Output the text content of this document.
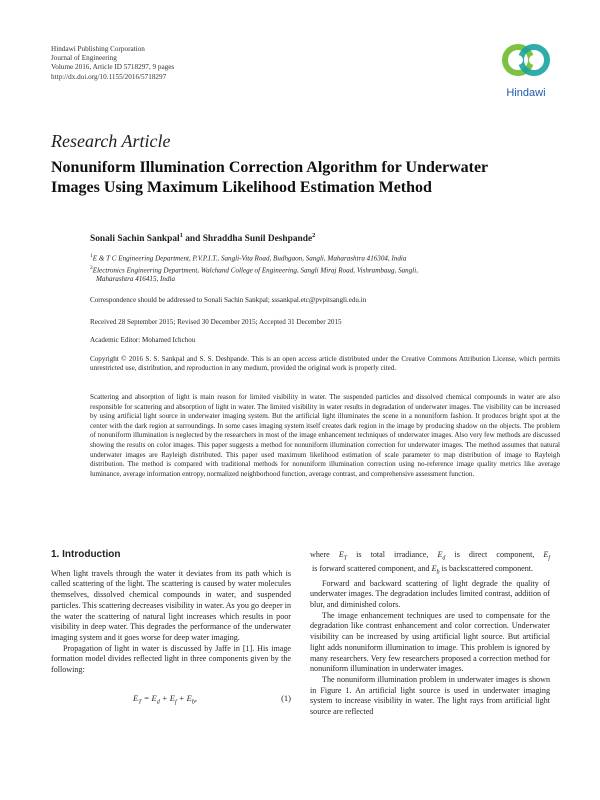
Hindawi Publishing Corporation
Journal of Engineering
Volume 2016, Article ID 5718297, 9 pages
http://dx.doi.org/10.1155/2016/5718297
Hindawi
Research Article
Nonuniform Illumination Correction Algorithm for Underwater
Images Using Maximum Likelihood Estimation Method
Sonali Sachin Sankpal$^1$ and Shraddha Sunil Deshpande$^2$
$^1$E & T C Engineering Department, P.V.P.I.T., Sangli-Vita Road, Budhgaon, Sangli, Maharashtra 416304, India
$^2$Electronics Engineering Department, Walchand College of Engineering, Sangli Miraj Road, Vishrambaug, Sangli,
Maharashtra 416415, India
Correspondence should be addressed to Sonali Sachin Sankpal; sssankpal.etc@pvpitsangli.edu.in
Received 28 September 2015; Revised 30 December 2015; Accepted 31 December 2015
Academic Editor: Mohamed Ichchou
Copyright © 2016 S. S. Sankpal and S. S. Deshpande. This is an open access article distributed under the Creative Commons Attribution License, which permits unrestricted use, distribution, and reproduction in any medium, provided the original work is properly cited.
Scattering and absorption of light is main reason for limited visibility in water. The suspended particles and dissolved chemical compounds in water are also responsible for scattering and absorption of light in water. The limited visibility in water results in degradation of underwater images. The visibility can be increased by using artificial light source in underwater imaging system. But the artificial light illuminates the scene in a nonuniform fashion. It produces bright spot at the center with the dark region at surroundings. In some cases imaging system itself creates dark region in the image by producing shadow on the objects. The problem of nonuniform illumination is neglected by the researchers in most of the image enhancement techniques of underwater images. Also very few methods are discussed showing the results on color images. This paper suggests a method for nonuniform illumination correction for underwater images. The method assumes that natural underwater images are Rayleigh distributed. This paper used maximum likelihood estimation of scale parameter to map distribution of image to Rayleigh distribution. The method is compared with traditional methods for nonuniform illumination correction using no-reference image quality metrics like average luminance, average information entropy, normalized neighborhood function, average contrast, and comprehensive assessment function.
1. Introduction

When light travels through the water it deviates from its path which is called scattering of the light. The scattering is caused by water molecules themselves, dissolved chemical compounds in water, and suspended particles. This scattering decreases visibility in water. As you go deeper in the water the scattering of natural light increases which results in poor visibility in deep water. This degrades the performance of the underwater imaging system and it goes worse for deep water imaging.

Propagation of light in water is discussed by Jaffe in [1]. His image formation model divides reflected light in three components given by the following:

$E_T = E_d + E_f + E_b$,	(1)

where $E_T$ is total irradiance, $E_d$ is direct component, $E_f$ is forward scattered component, and $E_b$ is backscattered component.

Forward and backward scattering of light degrade the quality of underwater images. The degradation includes limited contrast, addition of blur, and diminished colors.

The image enhancement techniques are used to compensate for the degradation like contrast enhancement and color correction. Underwater visibility can be increased by using artificial light source. But artificial light adds nonuniform illumination to image. This problem is ignored by many researchers. Very few researchers proposed a correction method for nonuniform illumination in underwater images.

The nonuniform illumination problem in underwater images is shown in Figure 1. An artificial light source is used in underwater imaging system to increase visibility in water. The light rays from artificial light source are reflected
